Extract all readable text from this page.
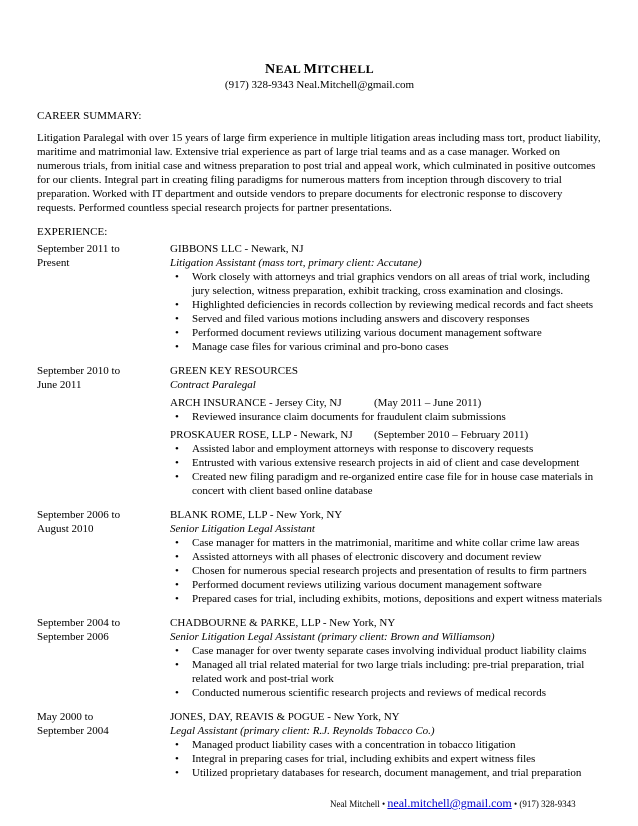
NEAL MITCHELL
(917) 328-9343 Neal.Mitchell@gmail.com
CAREER SUMMARY:
Litigation Paralegal with over 15 years of large firm experience in multiple litigation areas including mass tort, product liability, maritime and matrimonial law. Extensive trial experience as part of large trial teams and as a case manager. Worked on numerous trials, from initial case and witness preparation to post trial and appeal work, which culminated in positive outcomes for our clients. Integral part in creating filing paradigms for numerous matters from inception through discovery to trial preparation. Worked with IT department and outside vendors to prepare documents for electronic response to discovery requests. Performed countless special research projects for partner presentations.
EXPERIENCE:
September 2011 to
Present
GIBBONS LLC - Newark, NJ
Litigation Assistant (mass tort, primary client: Accutane)
• Work closely with attorneys and trial graphics vendors on all areas of trial work, including jury selection, witness preparation, exhibit tracking, cross examination and closings.
• Highlighted deficiencies in records collection by reviewing medical records and fact sheets
• Served and filed various motions including answers and discovery responses
• Performed document reviews utilizing various document management software
• Manage case files for various criminal and pro-bono cases
September 2010 to
June 2011
GREEN KEY RESOURCES
Contract Paralegal
ARCH INSURANCE - Jersey City, NJ	(May 2011 – June 2011)
• Reviewed insurance claim documents for fraudulent claim submissions
PROSKAUER ROSE, LLP - Newark, NJ	(September 2010 – February 2011)
• Assisted labor and employment attorneys with response to discovery requests
• Entrusted with various extensive research projects in aid of client and case development
• Created new filing paradigm and re-organized entire case file for in house case materials in concert with client based online database
September 2006 to
August 2010
BLANK ROME, LLP - New York, NY
Senior Litigation Legal Assistant
• Case manager for matters in the matrimonial, maritime and white collar crime law areas
• Assisted attorneys with all phases of electronic discovery and document review
• Chosen for numerous special research projects and presentation of results to firm partners
• Performed document reviews utilizing various document management software
• Prepared cases for trial, including exhibits, motions, depositions and expert witness materials
September 2004 to
September 2006
CHADBOURNE & PARKE, LLP - New York, NY
Senior Litigation Legal Assistant (primary client: Brown and Williamson)
• Case manager for over twenty separate cases involving individual product liability claims
• Managed all trial related material for two large trials including: pre-trial preparation, trial related work and post-trial work
• Conducted numerous scientific research projects and reviews of medical records
May 2000 to
September 2004
JONES, DAY, REAVIS & POGUE - New York, NY
Legal Assistant (primary client: R.J. Reynolds Tobacco Co.)
• Managed product liability cases with a concentration in tobacco litigation
• Integral in preparing cases for trial, including exhibits and expert witness files
• Utilized proprietary databases for research, document management, and trial preparation
Neal Mitchell • neal.mitchell@gmail.com • (917) 328-9343
